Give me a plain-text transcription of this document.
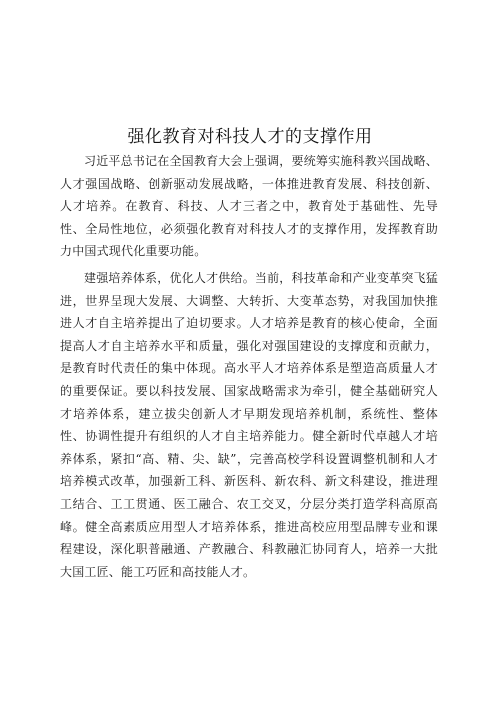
强化教育对科技人才的支撑作用

习近平总书记在全国教育大会上强调，要统筹实施科教兴国战略、人才强国战略、创新驱动发展战略，一体推进教育发展、科技创新、人才培养。在教育、科技、人才三者之中，教育处于基础性、先导性、全局性地位，必须强化教育对科技人才的支撑作用，发挥教育助力中国式现代化重要功能。

建强培养体系，优化人才供给。当前，科技革命和产业变革突飞猛进，世界呈现大发展、大调整、大转折、大变革态势，对我国加快推进人才自主培养提出了迫切要求。人才培养是教育的核心使命，全面提高人才自主培养水平和质量，强化对强国建设的支撑度和贡献力，是教育时代责任的集中体现。高水平人才培养体系是塑造高质量人才的重要保证。要以科技发展、国家战略需求为牵引，健全基础研究人才培养体系，建立拔尖创新人才早期发现培养机制，系统性、整体性、协调性提升有组织的人才自主培养能力。健全新时代卓越人才培养体系，紧扣“高、精、尖、缺”，完善高校学科设置调整机制和人才培养模式改革，加强新工科、新医科、新农科、新文科建设，推进理工结合、工工贯通、医工融合、农工交叉，分层分类打造学科高原高峰。健全高素质应用型人才培养体系，推进高校应用型品牌专业和课程建设，深化职普融通、产教融合、科教融汇协同育人，培养一大批大国工匠、能工巧匠和高技能人才。
